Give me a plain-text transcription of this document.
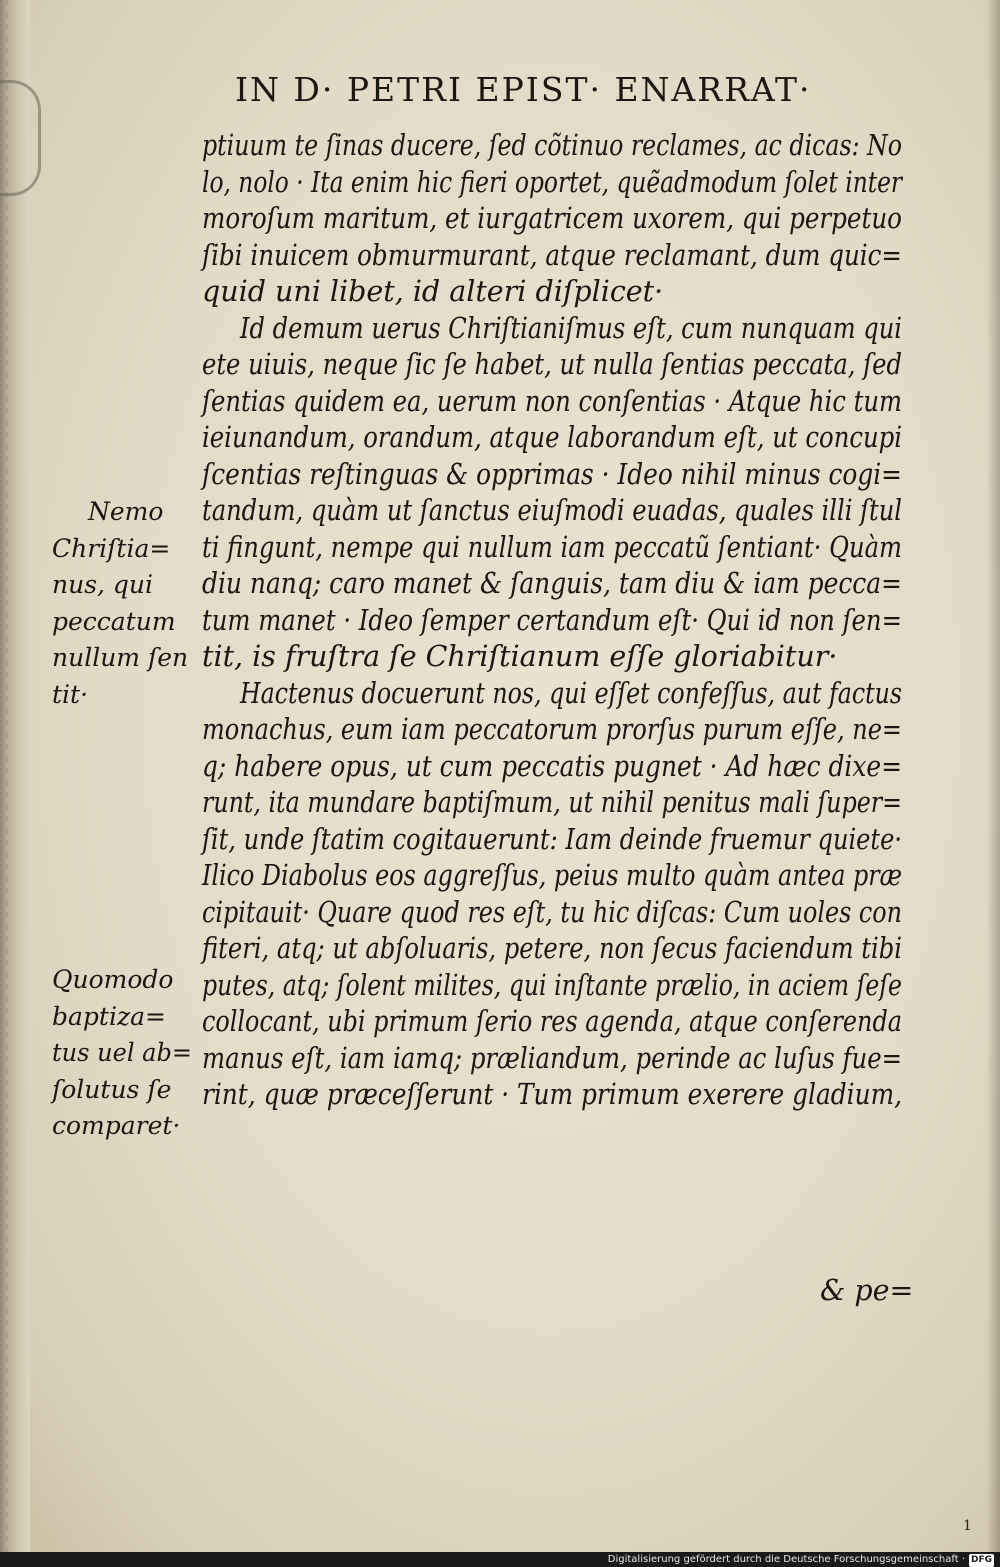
IN D· PETRI EPIST· ENARRAT·
ptiuum te ſinas ducere, ſed cõtinuo reclames, ac dicas: No
lo, nolo · Ita enim hic fieri oportet, quẽadmodum ſolet inter
moroſum maritum, et iurgatricem uxorem, qui perpetuo
ſibi inuicem obmurmurant, atque reclamant, dum quic=
quid uni libet, id alteri diſplicet·
Id demum uerus Chriſtianiſmus eſt, cum nunquam qui
ete uiuis, neque ſic ſe habet, ut nulla ſentias peccata, ſed
ſentias quidem ea, uerum non conſentias · Atque hic tum
ieiunandum, orandum, atque laborandum eſt, ut concupi
ſcentias reſtinguas & opprimas · Ideo nihil minus cogi=
tandum, quàm ut ſanctus eiuſmodi euadas, quales illi ſtul
ti fingunt, nempe qui nullum iam peccatũ ſentiant· Quàm
diu nanq; caro manet & ſanguis, tam diu & iam pecca=
tum manet · Ideo ſemper certandum eſt· Qui id non ſen=
tit, is fruſtra ſe Chriſtianum eſſe gloriabitur·
Hactenus docuerunt nos, qui eſſet confeſſus, aut factus
monachus, eum iam peccatorum prorſus purum eſſe, ne=
q; habere opus, ut cum peccatis pugnet · Ad hæc dixe=
runt, ita mundare baptiſmum, ut nihil penitus mali ſuper=
ſit, unde ſtatim cogitauerunt: Iam deinde fruemur quiete·
Ilico Diabolus eos aggreſſus, peius multo quàm antea præ
cipitauit· Quare quod res eſt, tu hic diſcas: Cum uoles con
fiteri, atq; ut abſoluaris, petere, non ſecus faciendum tibi
putes, atq; ſolent milites, qui inſtante prælio, in aciem ſeſe
collocant, ubi primum ſerio res agenda, atque conſerenda
manus eſt, iam iamq; præliandum, perinde ac luſus fue=
rint, quæ præceſſerunt · Tum primum exerere gladium,
Nemo
Chriſtia=
nus, qui
peccatum
nullum ſen
tit·
Quomodo
baptiza=
tus uel ab=
ſolutus ſe
comparet·
& pe=
1
Digitalisierung gefördert durch die Deutsche Forschungsgemeinschaft · DFG
